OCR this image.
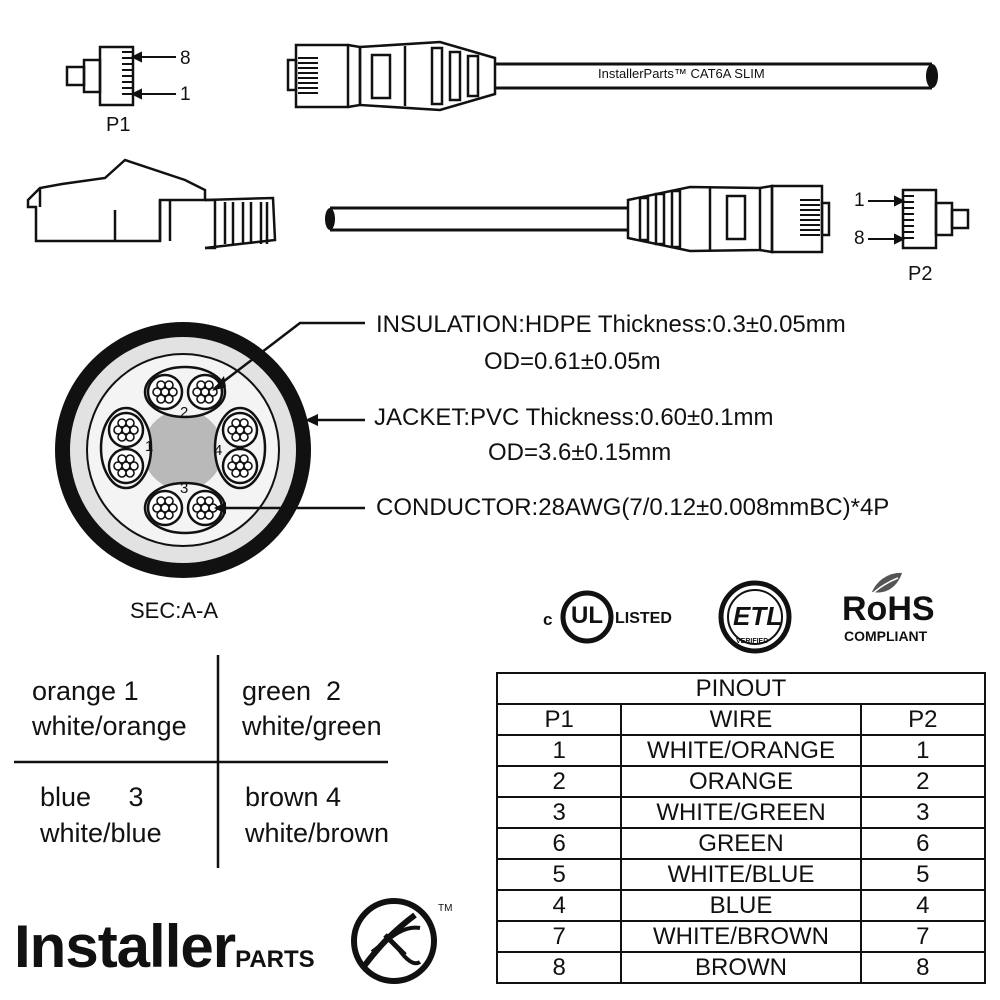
8
1
P1
InstallerParts™ CAT6A SLIM
1
8
P2
1
2
3
4
SEC:A-A
INSULATION:HDPE Thickness:0.3±0.05mm
OD=0.61±0.05m
JACKET:PVC Thickness:0.60±0.1mm
OD=3.6±0.15mm
CONDUCTOR:28AWG(7/0.12±0.008mmBC)*4P
c UL LISTED ETL
VERIFIED
RoHS
COMPLIANT
orange 1
white/orange
green  2
white/green
blue     3
white/blue
brown 4
white/brown
PINOUT		
P1	WIRE	P2
1	WHITE/ORANGE	1
2	ORANGE	2
3	WHITE/GREEN	3
6	GREEN	6
5	WHITE/BLUE	5
4	BLUE	4
7	WHITE/BROWN	7
8	BROWN	8
InstallerPARTS
TM
